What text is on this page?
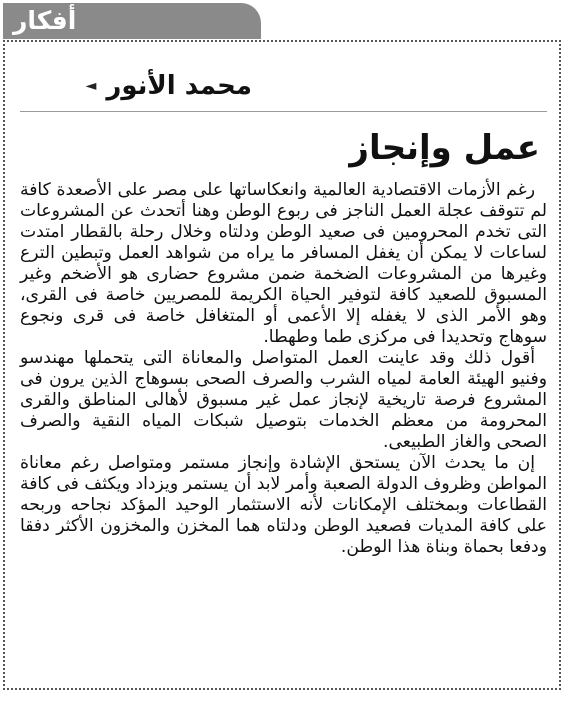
أفكار
محمد الأنور
◄
عمل وإنجاز

رغم الأزمات الاقتصادية العالمية وانعكاساتها على مصر على الأصعدة كافة لم تتوقف عجلة العمل الناجز فى ربوع الوطن وهنا أتحدث عن المشروعات التى تخدم المحرومين فى صعيد الوطن ودلتاه وخلال رحلة بالقطار امتدت لساعات لا يمكن أن يغفل المسافر ما يراه من شواهد العمل وتبطين الترع وغيرها من المشروعات الضخمة ضمن مشروع حضارى هو الأضخم وغير المسبوق للصعيد كافة لتوفير الحياة الكريمة للمصريين خاصة فى القرى، وهو الأمر الذى لا يغفله إلا الأعمى أو المتغافل خاصة فى قرى ونجوع سوهاج وتحديدا فى مركزى طما وطهطا.

أقول ذلك وقد عاينت العمل المتواصل والمعاناة التى يتحملها مهندسو وفنيو الهيئة العامة لمياه الشرب والصرف الصحى بسوهاج الذين يرون فى المشروع فرصة تاريخية لإنجاز عمل غير مسبوق لأهالى المناطق والقرى المحرومة من معظم الخدمات بتوصيل شبكات المياه النقية والصرف الصحى والغاز الطبيعى.

إن ما يحدث الآن يستحق الإشادة وإنجاز مستمر ومتواصل رغم معاناة المواطن وظروف الدولة الصعبة وأمر لابد أن يستمر ويزداد ويكثف فى كافة القطاعات وبمختلف الإمكانات لأنه الاستثمار الوحيد المؤكد نجاحه وربحه على كافة المديات فصعيد الوطن ودلتاه هما المخزن والمخزون الأكثر دفقا ودفعا بحماة وبناة هذا الوطن.
